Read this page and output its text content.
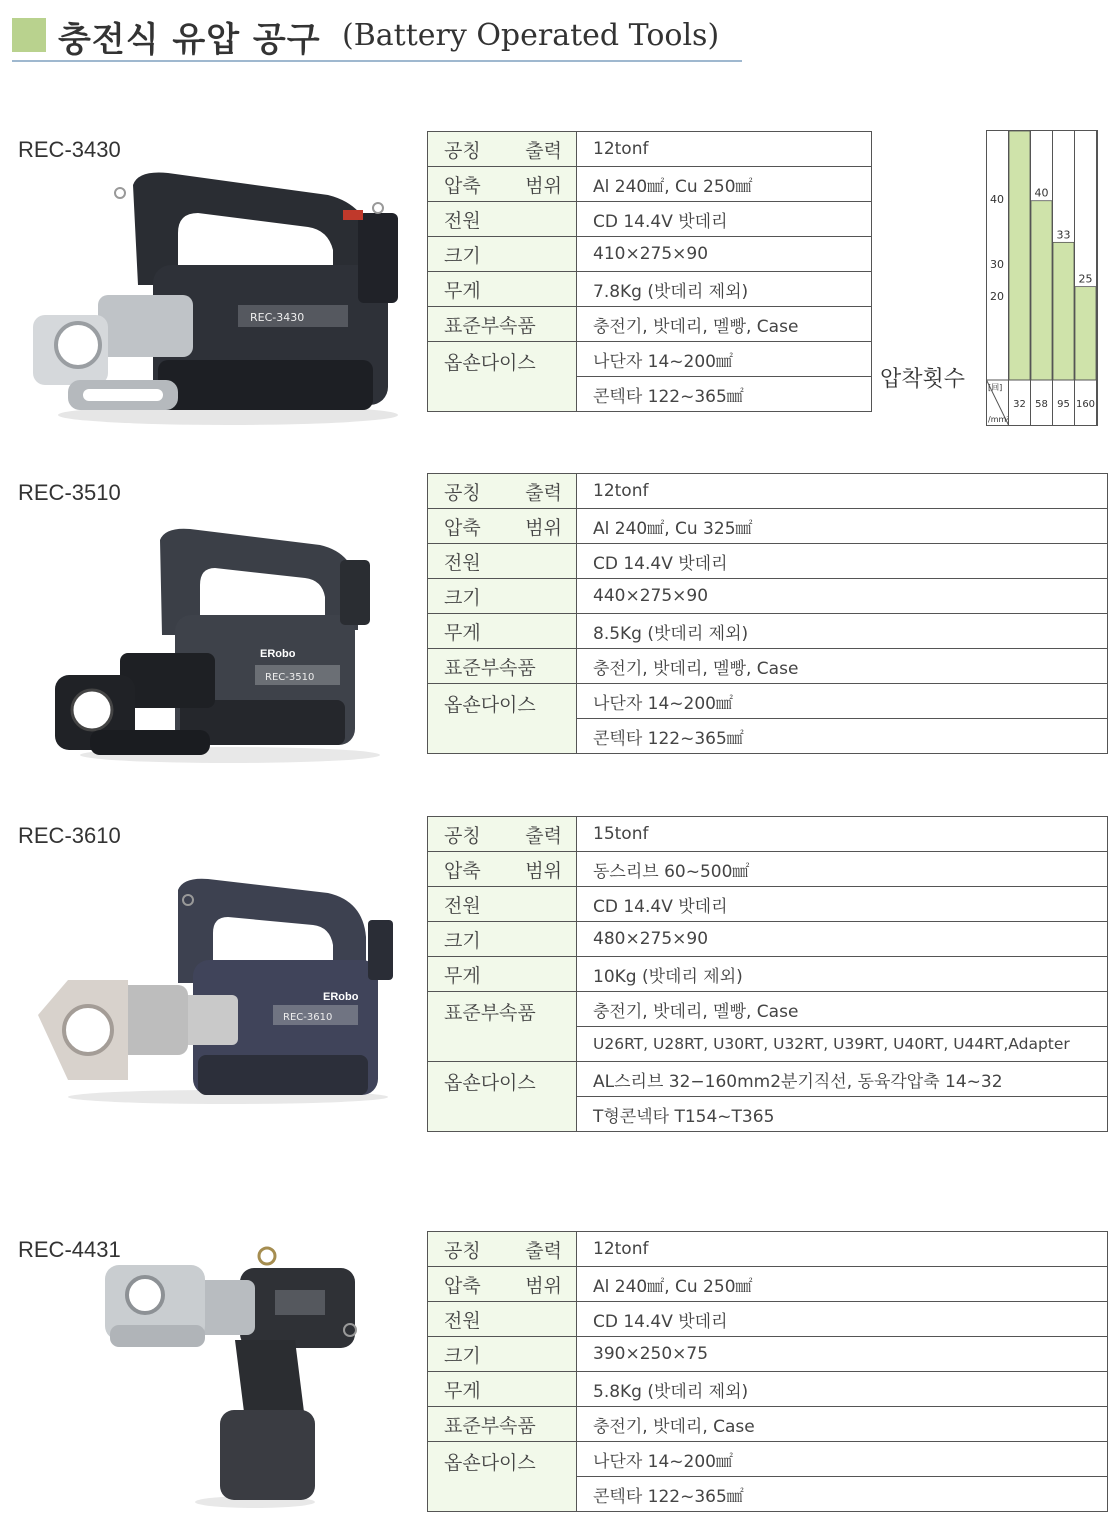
충전식 유압 공구 (Battery Operated Tools)
REC-3430
REC-3430
공칭 출력	12tonf

압축 범위	Al 240㎟, Cu 250㎟

전원	CD 14.4V 밧데리

크기	410×275×90

무게	7.8Kg (밧데리 제외)

표준부속품	충전기, 밧데리, 멜빵, Case

옵숀다이스	나단자 14~200㎟
	콘텍타 122~365㎟
압착횟수
40
30
20
[回]
/mm²
32
40
58
33
95
25
160
REC-3510
ERobo
REC-3510
공칭 출력	12tonf

압축 범위	Al 240㎟, Cu 325㎟

전원	CD 14.4V 밧데리

크기	440×275×90

무게	8.5Kg (밧데리 제외)

표준부속품	충전기, 밧데리, 멜빵, Case

옵숀다이스	나단자 14~200㎟
	콘텍타 122~365㎟
REC-3610
ERobo
REC-3610
공칭 출력	15tonf

압축 범위	동스리브 60~500㎟

전원	CD 14.4V 밧데리

크기	480×275×90

무게	10Kg (밧데리 제외)

표준부속품	충전기, 밧데리, 멜빵, Case
	U26RT, U28RT, U30RT, U32RT, U39RT, U40RT, U44RT,Adapter

옵숀다이스	AL스리브 32−160mm2분기직선, 동육각압축 14~32
	T형콘넥타 T154~T365
REC-4431	공칭 출력	12tonf

압축 범위	Al 240㎟, Cu 250㎟

전원	CD 14.4V 밧데리

크기	390×250×75

무게	5.8Kg (밧데리 제외)

표준부속품	충전기, 밧데리, Case

옵숀다이스	나단자 14~200㎟
	콘텍타 122~365㎟
